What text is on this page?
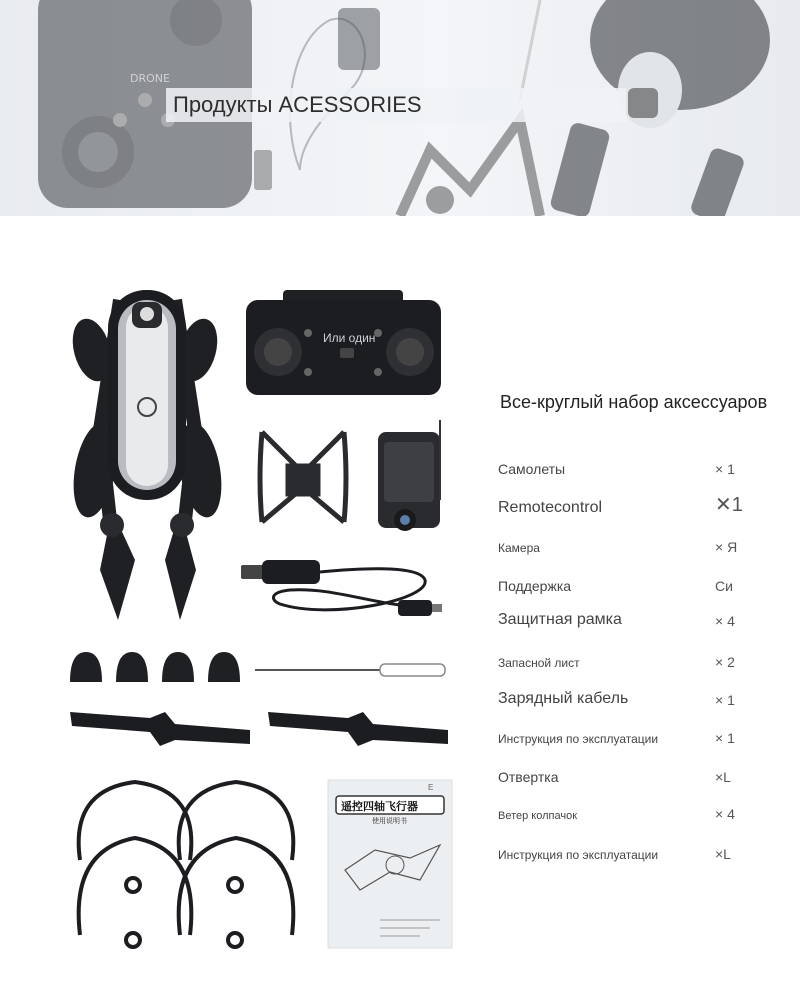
DRONE
Продукты ACESSORIES
Или один
遥控四轴飞行器
使用说明书
E
Все-круглый набор аксессуаров
Самолеты	× 1
Remotecontrol	✕1
Камера	× Я
Поддержка	Си
Защитная рамка	× 4
Запасной лист	× 2
Зарядный кабель	× 1
Инструкция по эксплуатации	× 1
Отвертка	×L
Ветер колпачок	× 4
Инструкция по эксплуатации	×L
